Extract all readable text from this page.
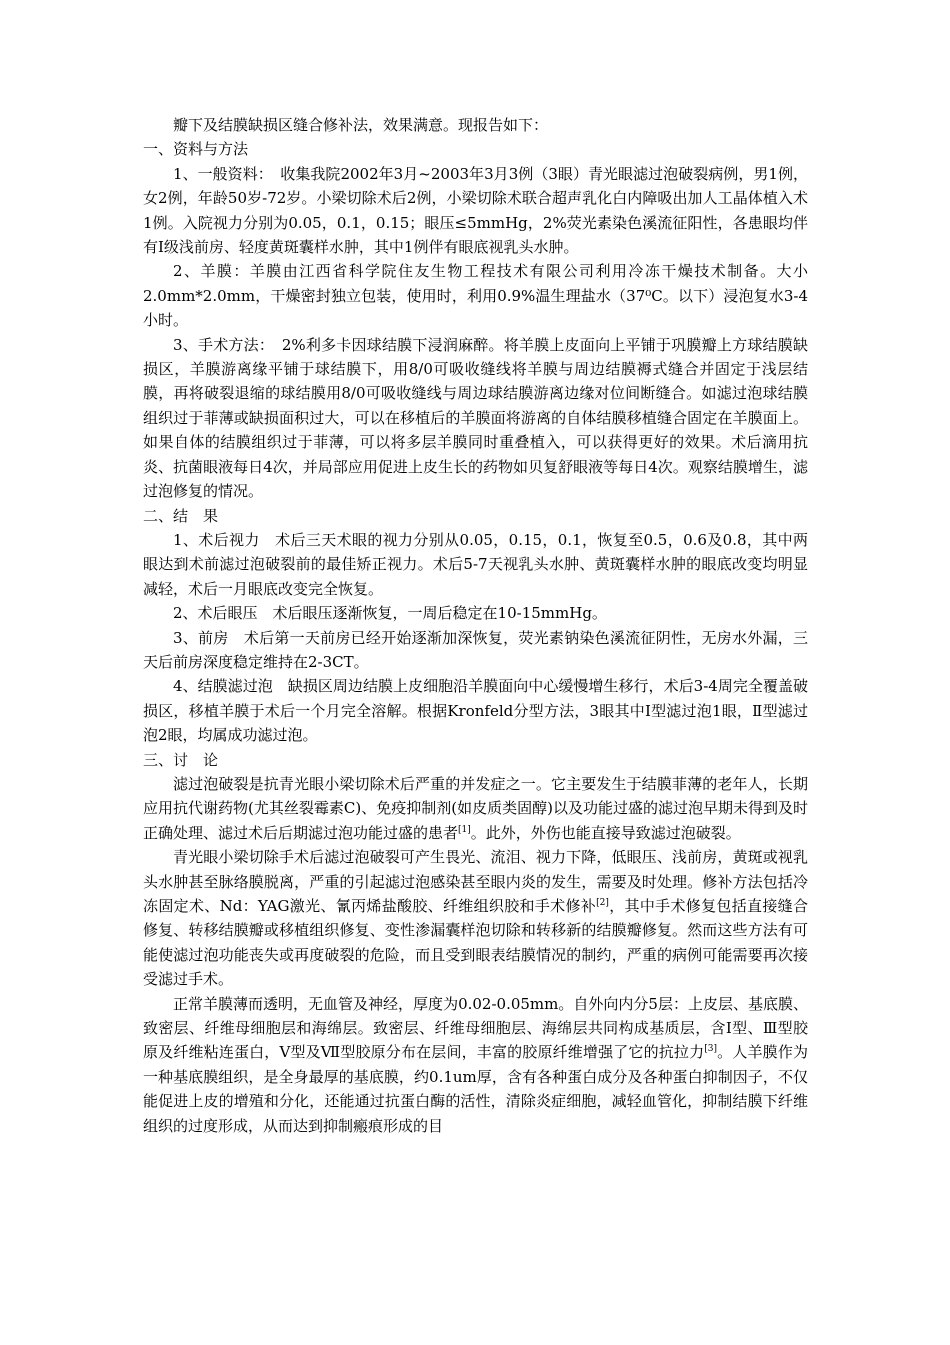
瓣下及结膜缺损区缝合修补法，效果满意。现报告如下：

一、资料与方法

1、一般资料：　收集我院2002年3月~2003年3月3例（3眼）青光眼滤过泡破裂病例，男1例，女2例，年龄50岁-72岁。小梁切除术后2例，小梁切除术联合超声乳化白内障吸出加人工晶体植入术1例。入院视力分别为0.05，0.1，0.15；眼压≤5mmHg，2%荧光素染色溪流征阳性，各患眼均伴有Ⅰ级浅前房、轻度黄斑囊样水肿，其中1例伴有眼底视乳头水肿。

2、羊膜：羊膜由江西省科学院住友生物工程技术有限公司利用冷冻干燥技术制备。大小2.0mm*2.0mm，干燥密封独立包装，使用时，利用0.9%温生理盐水（37⁰C。以下）浸泡复水3-4小时。

3、手术方法：　2%利多卡因球结膜下浸润麻醉。将羊膜上皮面向上平铺于巩膜瓣上方球结膜缺损区，羊膜游离缘平铺于球结膜下，用8/0可吸收缝线将羊膜与周边结膜褥式缝合并固定于浅层结膜，再将破裂退缩的球结膜用8/0可吸收缝线与周边球结膜游离边缘对位间断缝合。如滤过泡球结膜组织过于菲薄或缺损面积过大，可以在移植后的羊膜面将游离的自体结膜移植缝合固定在羊膜面上。如果自体的结膜组织过于菲薄，可以将多层羊膜同时重叠植入，可以获得更好的效果。术后滴用抗炎、抗菌眼液每日4次，并局部应用促进上皮生长的药物如贝复舒眼液等每日4次。观察结膜增生，滤过泡修复的情况。

二、结　果

1、术后视力　术后三天术眼的视力分别从0.05，0.15，0.1，恢复至0.5，0.6及0.8，其中两眼达到术前滤过泡破裂前的最佳矫正视力。术后5-7天视乳头水肿、黄斑囊样水肿的眼底改变均明显减轻，术后一月眼底改变完全恢复。

2、术后眼压　术后眼压逐渐恢复，一周后稳定在10-15mmHg。

3、前房　术后第一天前房已经开始逐渐加深恢复，荧光素钠染色溪流征阴性，无房水外漏，三天后前房深度稳定维持在2-3CT。

4、结膜滤过泡　缺损区周边结膜上皮细胞沿羊膜面向中心缓慢增生移行，术后3-4周完全覆盖破损区，移植羊膜于术后一个月完全溶解。根据Kronfeld分型方法，3眼其中Ⅰ型滤过泡1眼，Ⅱ型滤过泡2眼，均属成功滤过泡。

三、讨　论

滤过泡破裂是抗青光眼小梁切除术后严重的并发症之一。它主要发生于结膜菲薄的老年人，长期应用抗代谢药物(尤其丝裂霉素C)、免疫抑制剂(如皮质类固醇)以及功能过盛的滤过泡早期未得到及时正确处理、滤过术后后期滤过泡功能过盛的患者[1]。此外，外伤也能直接导致滤过泡破裂。

青光眼小梁切除手术后滤过泡破裂可产生畏光、流泪、视力下降，低眼压、浅前房，黄斑或视乳头水肿甚至脉络膜脱离，严重的引起滤过泡感染甚至眼内炎的发生，需要及时处理。修补方法包括冷冻固定术、Nd：YAG激光、氰丙烯盐酸胶、纤维组织胶和手术修补[2]，其中手术修复包括直接缝合修复、转移结膜瓣或移植组织修复、变性渗漏囊样泡切除和转移新的结膜瓣修复。然而这些方法有可能使滤过泡功能丧失或再度破裂的危险，而且受到眼表结膜情况的制约，严重的病例可能需要再次接受滤过手术。

正常羊膜薄而透明，无血管及神经，厚度为0.02-0.05mm。自外向内分5层：上皮层、基底膜、致密层、纤维母细胞层和海绵层。致密层、纤维母细胞层、海绵层共同构成基质层，含Ⅰ型、Ⅲ型胶原及纤维粘连蛋白，Ⅴ型及Ⅶ型胶原分布在层间，丰富的胶原纤维增强了它的抗拉力[3]。人羊膜作为一种基底膜组织，是全身最厚的基底膜，约0.1um厚，含有各种蛋白成分及各种蛋白抑制因子，不仅能促进上皮的增殖和分化，还能通过抗蛋白酶的活性，清除炎症细胞，减轻血管化，抑制结膜下纤维组织的过度形成，从而达到抑制瘢痕形成的目
